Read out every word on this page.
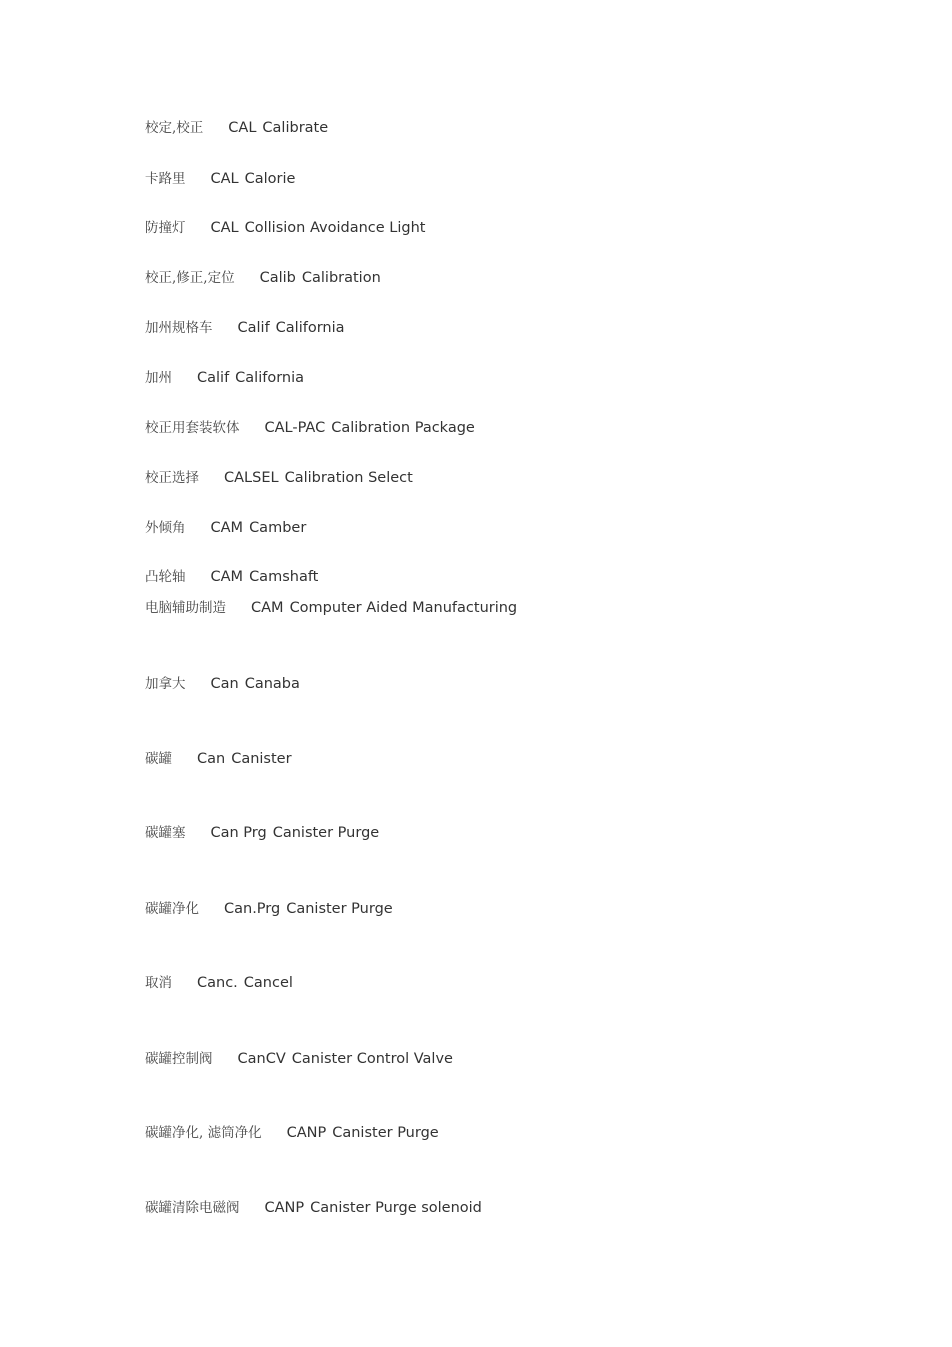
校定,校正 CAL Calibrate
卡路里 CAL Calorie
防撞灯 CAL Collision Avoidance Light
校正,修正,定位 Calib Calibration
加州规格车 Calif California
加州 Calif California
校正用套装软体 CAL-PAC Calibration Package
校正选择 CALSEL Calibration Select
外倾角 CAM Camber
凸轮轴 CAM Camshaft
电脑辅助制造 CAM Computer Aided Manufacturing
加拿大 Can Canaba
碳罐 Can Canister
碳罐塞 Can Prg Canister Purge
碳罐净化 Can.Prg Canister Purge
取消 Canc. Cancel
碳罐控制阀 CanCV Canister Control Valve
碳罐净化, 滤筒净化 CANP Canister Purge
碳罐清除电磁阀 CANP Canister Purge solenoid
